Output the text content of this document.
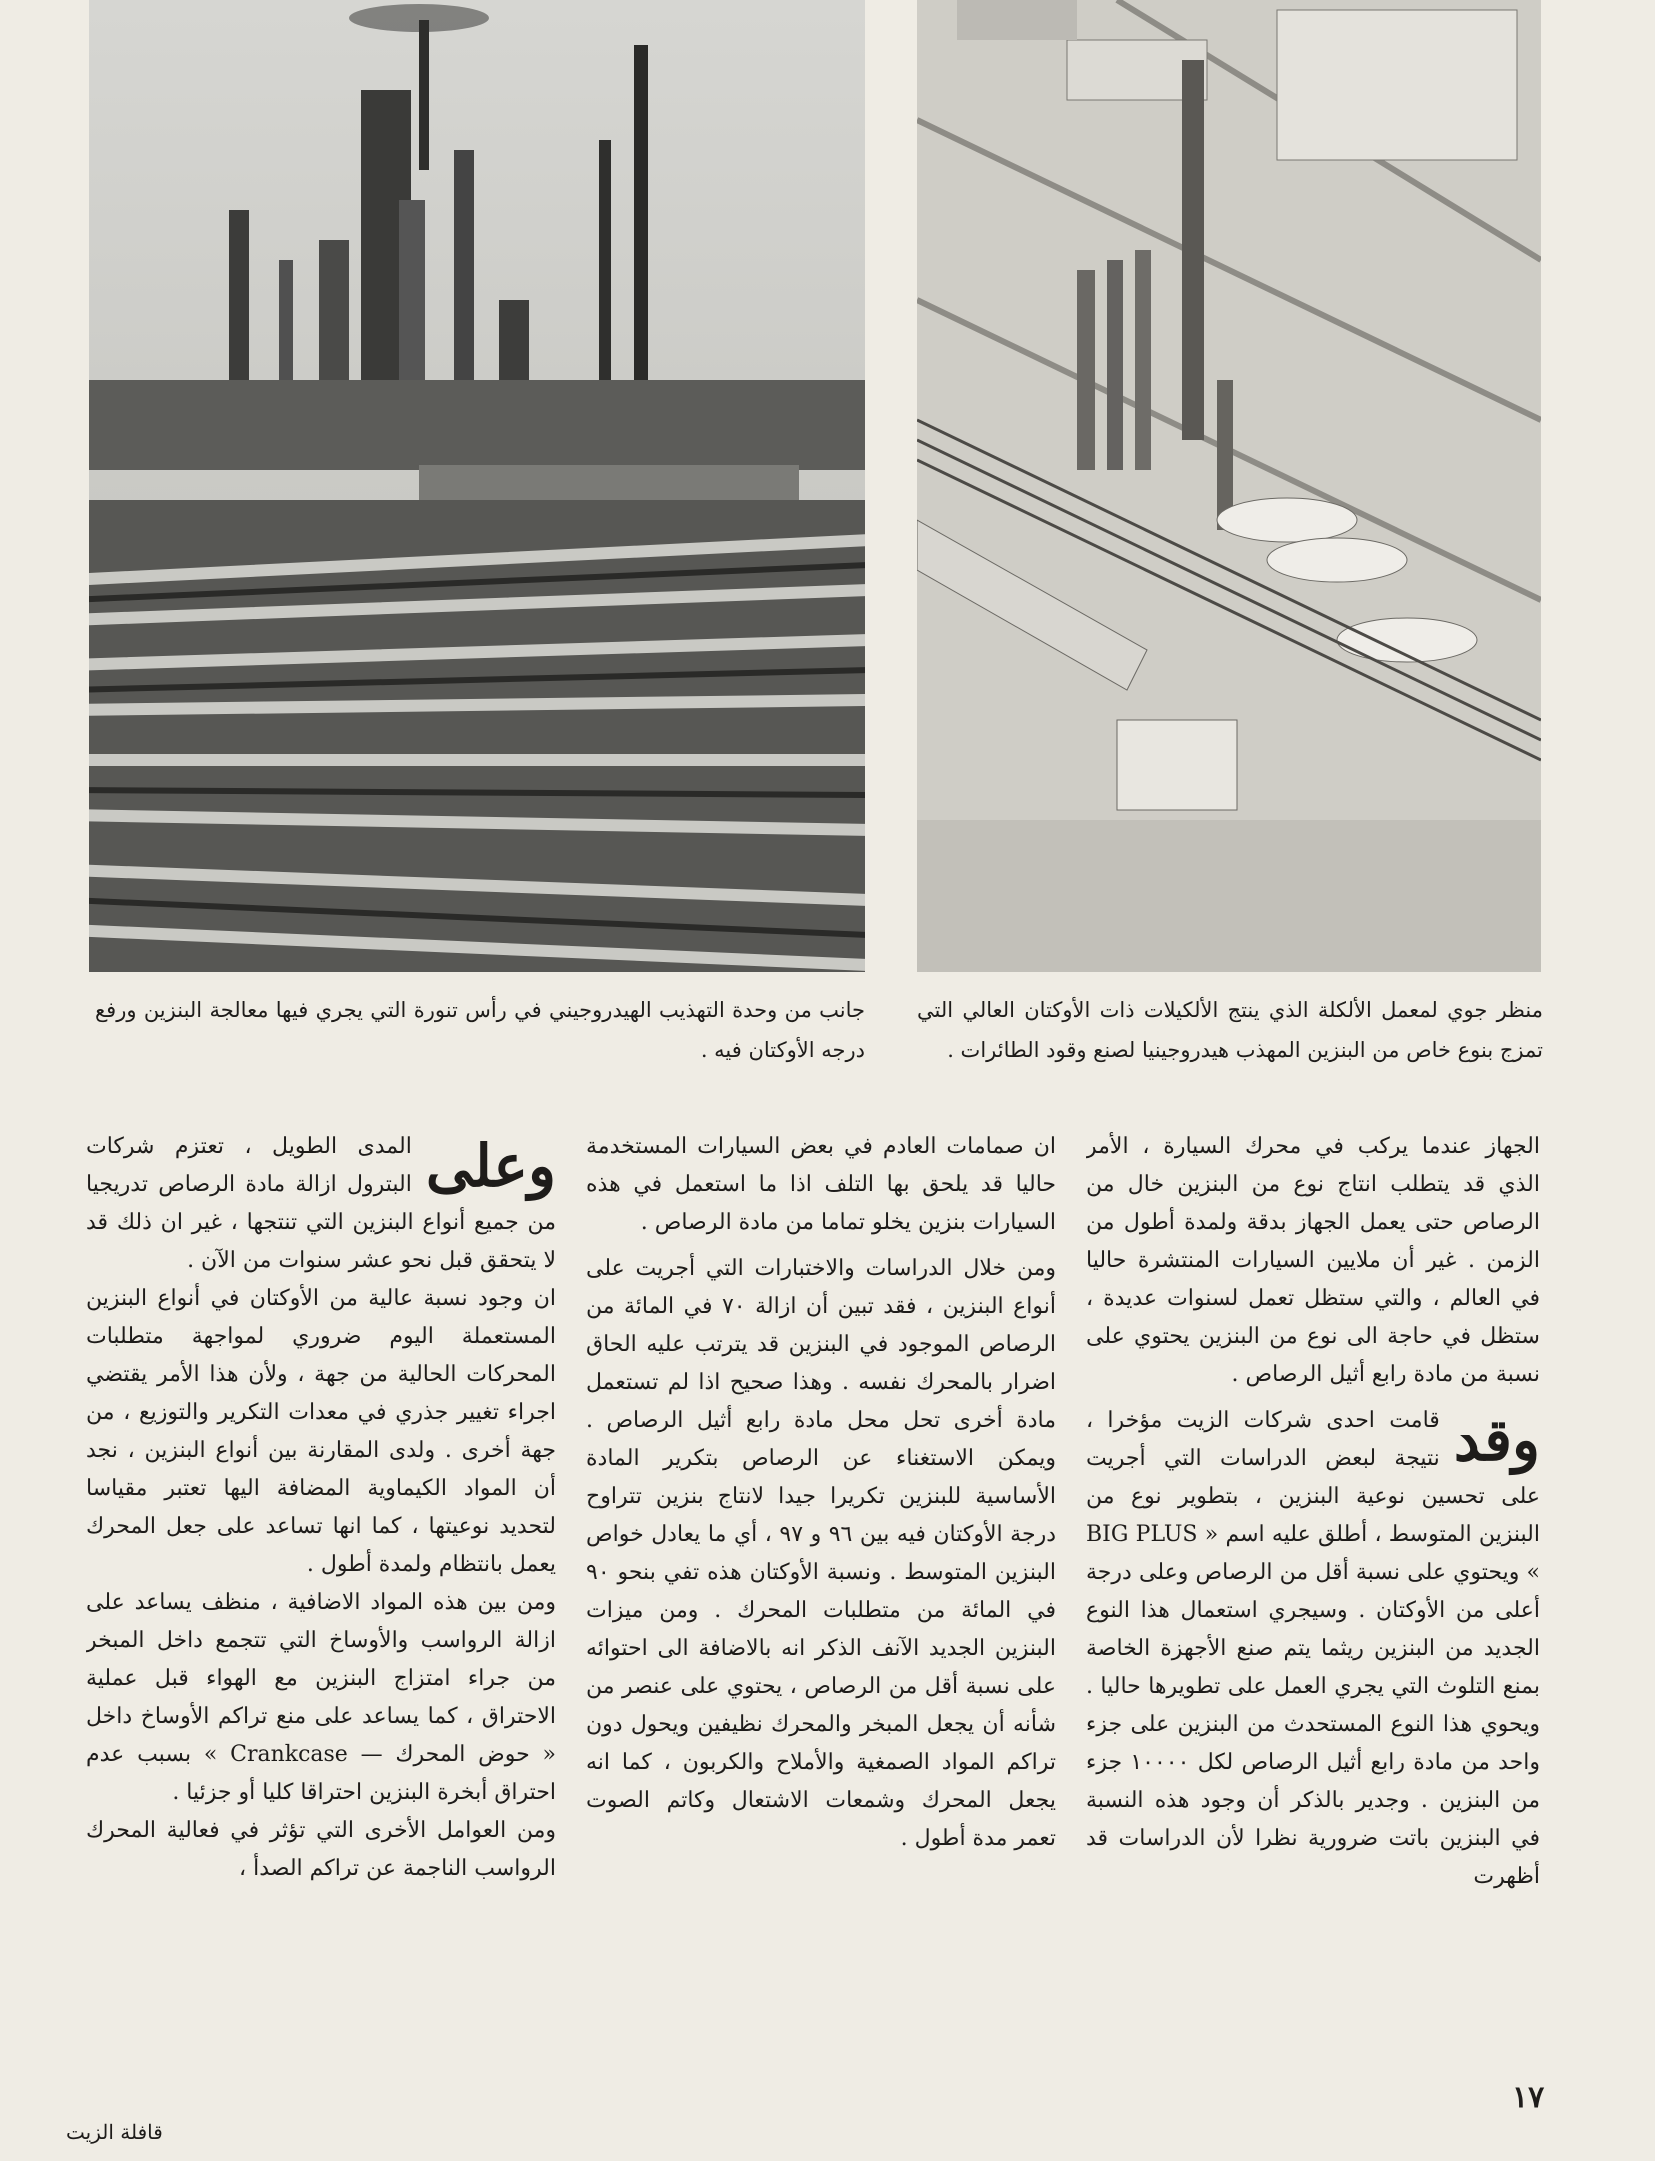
منظر جوي لمعمل الألكلة الذي ينتج الألكيلات ذات الأوكتان العالي التي تمزج بنوع خاص من البنزين المهذب هيدروجينيا لصنع وقود الطائرات .
جانب من وحدة التهذيب الهيدروجيني في رأس تنورة التي يجري فيها معالجة البنزين ورفع درجه الأوكتان فيه .

الجهاز عندما يركب في محرك السيارة ، الأمر الذي قد يتطلب انتاج نوع من البنزين خال من الرصاص حتى يعمل الجهاز بدقة ولمدة أطول من الزمن . غير أن ملايين السيارات المنتشرة حاليا في العالم ، والتي ستظل تعمل لسنوات عديدة ، ستظل في حاجة الى نوع من البنزين يحتوي على نسبة من مادة رابع أثيل الرصاص .

وقد
قامت احدى شركات الزيت مؤخرا ، نتيجة لبعض الدراسات التي أجريت على تحسين نوعية البنزين ، بتطوير نوع من البنزين المتوسط ، أطلق عليه اسم « BIG PLUS » ويحتوي على نسبة أقل من الرصاص وعلى درجة أعلى من الأوكتان . وسيجري استعمال هذا النوع الجديد من البنزين ريثما يتم صنع الأجهزة الخاصة بمنع التلوث التي يجري العمل على تطويرها حاليا . ويحوي هذا النوع المستحدث من البنزين على جزء واحد من مادة رابع أثيل الرصاص لكل ١٠٠٠٠ جزء من البنزين . وجدير بالذكر أن وجود هذه النسبة في البنزين باتت ضرورية نظرا لأن الدراسات قد أظهرت

ان صمامات العادم في بعض السيارات المستخدمة حاليا قد يلحق بها التلف اذا ما استعمل في هذه السيارات بنزين يخلو تماما من مادة الرصاص .

ومن خلال الدراسات والاختبارات التي أجريت على أنواع البنزين ، فقد تبين أن ازالة ٧٠ في المائة من الرصاص الموجود في البنزين قد يترتب عليه الحاق اضرار بالمحرك نفسه . وهذا صحيح اذا لم تستعمل مادة أخرى تحل محل مادة رابع أثيل الرصاص . ويمكن الاستغناء عن الرصاص بتكرير المادة الأساسية للبنزين تكريرا جيدا لانتاج بنزين تتراوح درجة الأوكتان فيه بين ٩٦ و ٩٧ ، أي ما يعادل خواص البنزين المتوسط . ونسبة الأوكتان هذه تفي بنحو ٩٠ في المائة من متطلبات المحرك . ومن ميزات البنزين الجديد الآنف الذكر انه بالاضافة الى احتوائه على نسبة أقل من الرصاص ، يحتوي على عنصر من شأنه أن يجعل المبخر والمحرك نظيفين ويحول دون تراكم المواد الصمغية والأملاح والكربون ، كما انه يجعل المحرك وشمعات الاشتعال وكاتم الصوت تعمر مدة أطول .

وعلى
المدى الطويل ، تعتزم شركات البترول ازالة مادة الرصاص تدريجيا من جميع أنواع البنزين التي تنتجها ، غير ان ذلك قد لا يتحقق قبل نحو عشر سنوات من الآن .

ان وجود نسبة عالية من الأوكتان في أنواع البنزين المستعملة اليوم ضروري لمواجهة متطلبات المحركات الحالية من جهة ، ولأن هذا الأمر يقتضي اجراء تغيير جذري في معدات التكرير والتوزيع ، من جهة أخرى . ولدى المقارنة بين أنواع البنزين ، نجد أن المواد الكيماوية المضافة اليها تعتبر مقياسا لتحديد نوعيتها ، كما انها تساعد على جعل المحرك يعمل بانتظام ولمدة أطول .

ومن بين هذه المواد الاضافية ، منظف يساعد على ازالة الرواسب والأوساخ التي تتجمع داخل المبخر من جراء امتزاج البنزين مع الهواء قبل عملية الاحتراق ، كما يساعد على منع تراكم الأوساخ داخل « حوض المحرك — Crankcase » بسبب عدم احتراق أبخرة البنزين احتراقا كليا أو جزئيا .

ومن العوامل الأخرى التي تؤثر في فعالية المحرك الرواسب الناجمة عن تراكم الصدأ ،

١٧
قافلة الزيت
